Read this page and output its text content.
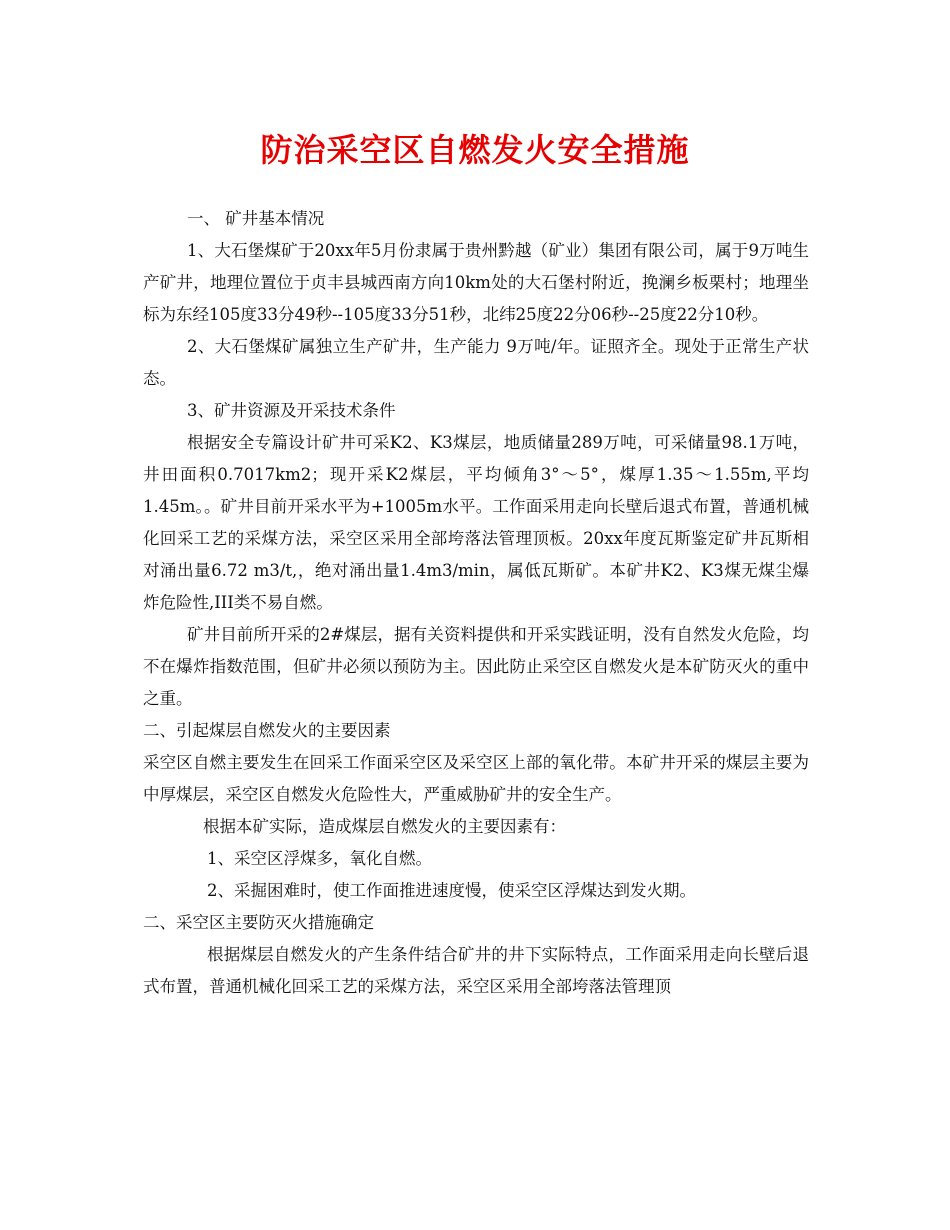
防治采空区自燃发火安全措施

一、 矿井基本情况

1、大石堡煤矿于20xx年5月份隶属于贵州黔越（矿业）集团有限公司，属于9万吨生产矿井，地理位置位于贞丰县城西南方向10km处的大石堡村附近，挽澜乡板栗村；地理坐标为东经105度33分49秒--105度33分51秒，北纬25度22分06秒--25度22分10秒。

2、大石堡煤矿属独立生产矿井，生产能力 9万吨/年。证照齐全。现处于正常生产状态。

3、矿井资源及开采技术条件

根据安全专篇设计矿井可采K2、K3煤层，地质储量289万吨，可采储量98.1万吨，井田面积0.7017km2；现开采K2煤层，平均倾角3°～5°，煤厚1.35～1.55m,平均1.45m。。矿井目前开采水平为+1005m水平。工作面采用走向长壁后退式布置，普通机械化回采工艺的采煤方法，采空区采用全部垮落法管理顶板。20xx年度瓦斯鉴定矿井瓦斯相对涌出量6.72 m3/t,，绝对涌出量1.4m3/min，属低瓦斯矿。本矿井K2、K3煤无煤尘爆炸危险性,III类不易自燃。

矿井目前所开采的2#煤层，据有关资料提供和开采实践证明，没有自然发火危险，均不在爆炸指数范围，但矿井必须以预防为主。因此防止采空区自燃发火是本矿防灭火的重中之重。

二、引起煤层自燃发火的主要因素

采空区自燃主要发生在回采工作面采空区及采空区上部的氧化带。本矿井开采的煤层主要为中厚煤层，采空区自燃发火危险性大，严重威胁矿井的安全生产。

根据本矿实际，造成煤层自燃发火的主要因素有：

1、采空区浮煤多，氧化自燃。

2、采掘困难时，使工作面推进速度慢，使采空区浮煤达到发火期。

二、采空区主要防灭火措施确定

根据煤层自燃发火的产生条件结合矿井的井下实际特点，工作面采用走向长壁后退式布置，普通机械化回采工艺的采煤方法，采空区采用全部垮落法管理顶
